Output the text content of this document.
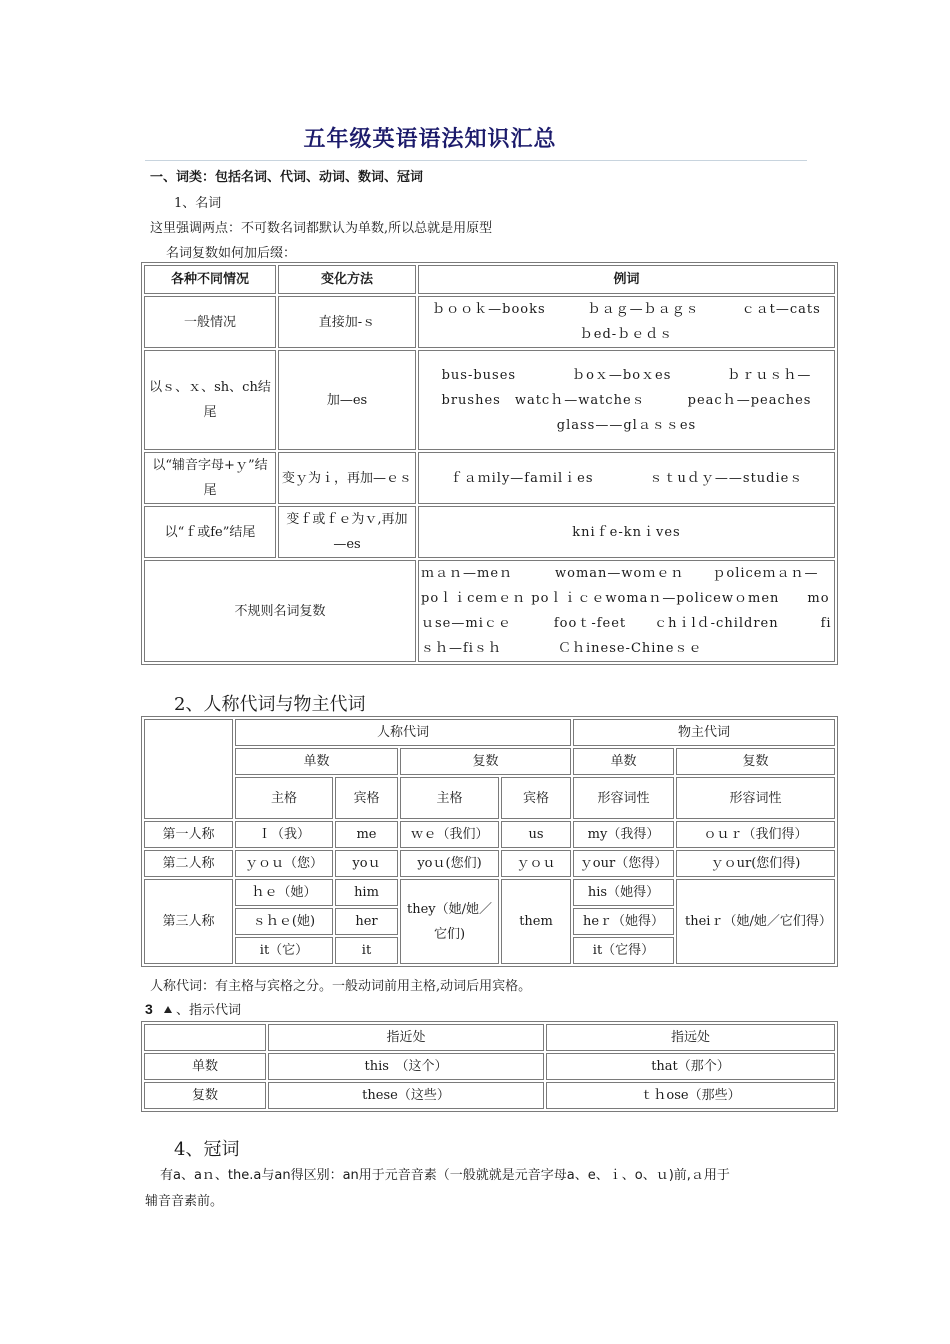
五年级英语语法知识汇总
一、词类：包括名词、代词、动词、数词、冠词
1、名词
这里强调两点：不可数名词都默认为单数,所以总就是用原型
名词复数如何加后缀：
各种不同情况	变化方法	例词
一般情况	直接加-ｓ	ｂｏｏｋ—books　　　ｂａｇ—ｂａｇｓ　　　ｃａt—cats　　ｂed-ｂｅｄｓ
以ｓ、ｘ、sh、ch结尾	加—es	bus-buses　　　　ｂoｘ—boｘes　　　　ｂｒｕｓｈ—brushes　watcｈ—watcheｓ　　　peacｈ—peaches　　　glass——glａｓｓes
以“辅音字母+ｙ”结尾	变ｙ为ｉ，再加—ｅｓ	ｆａｍily—faｍilｉes　　　　ｓｔuｄｙ——studieｓ
以“ｆ或fe”结尾	变ｆ或ｆｅ为ｖ,再加—es	kniｆe-knｉves
不规则名词复数		ｍａｎ—meｎ　　　woman—woｍｅｎ　　ｐoliceｍａｎ—poｌｉceｍｅｎ poｌｉｃｅwomaｎ—policewｏmen　　moｕse—miｃｅ　　　fooｔ-feet　　ｃhｉlｄ-children　　　fiｓｈ—fiｓｈ　　　　Ｃｈinese-Chineｓｅ
2、人称代词与物主代词
	人称代词				物主代词	
	单数		复数		单数	复数
	主格	宾格	主格	宾格	形容词性	形容词性
第一人称	Ｉ（我）	me	ｗｅ（我们）	us	my（我得）	ｏｕｒ（我们得）
第二人称	ｙｏｕ（您）	yoｕ	yoｕ(您们)	ｙｏｕ	ｙour（您得）	ｙｏur(您们得)
第三人称	ｈｅ（她）	him	they（她/她／它们)	them	his（她得）	theiｒ（她/她／它们得）
	ｓｈｅ(她)	her			heｒ（她得）	
	it（它）	it			it（它得）	
人称代词：有主格与宾格之分。一般动词前用主格,动词后用宾格。
3 、指示代词
	指近处	指远处
单数	this　（这个）	that（那个）
复数	these（这些）	ｔｈose（那些）
4、冠词
有a、aｎ、the.a与an得区别：an用于元音音素（一般就就是元音字母a、e、ｉ、o、ｕ)前,ａ用于
辅音音素前。
